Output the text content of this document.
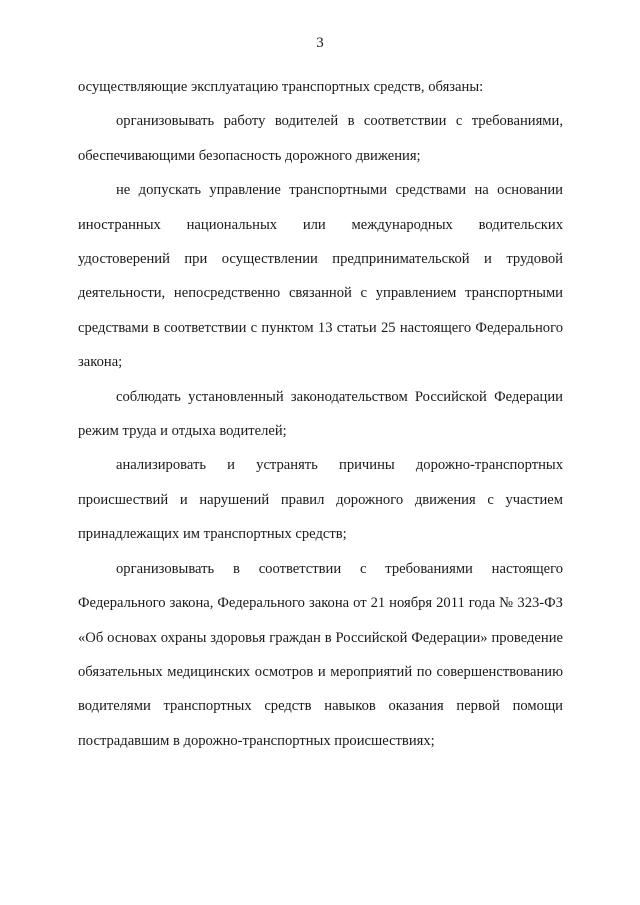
3

осуществляющие эксплуатацию транспортных средств, обязаны:

организовывать работу водителей в соответствии с требованиями, обеспечивающими безопасность дорожного движения;

не допускать управление транспортными средствами на основании иностранных национальных или международных водительских удостоверений при осуществлении предпринимательской и трудовой деятельности, непосредственно связанной с управлением транспортными средствами в соответствии с пунктом 13 статьи 25 настоящего Федерального закона;

соблюдать установленный законодательством Российской Федерации режим труда и отдыха водителей;

анализировать и устранять причины дорожно-транспортных происшествий и нарушений правил дорожного движения с участием принадлежащих им транспортных средств;

организовывать в соответствии с требованиями настоящего Федерального закона, Федерального закона от 21 ноября 2011 года № 323-ФЗ «Об основах охраны здоровья граждан в Российской Федерации» проведение обязательных медицинских осмотров и мероприятий по совершенствованию водителями транспортных средств навыков оказания первой помощи пострадавшим в дорожно-транспортных происшествиях;
